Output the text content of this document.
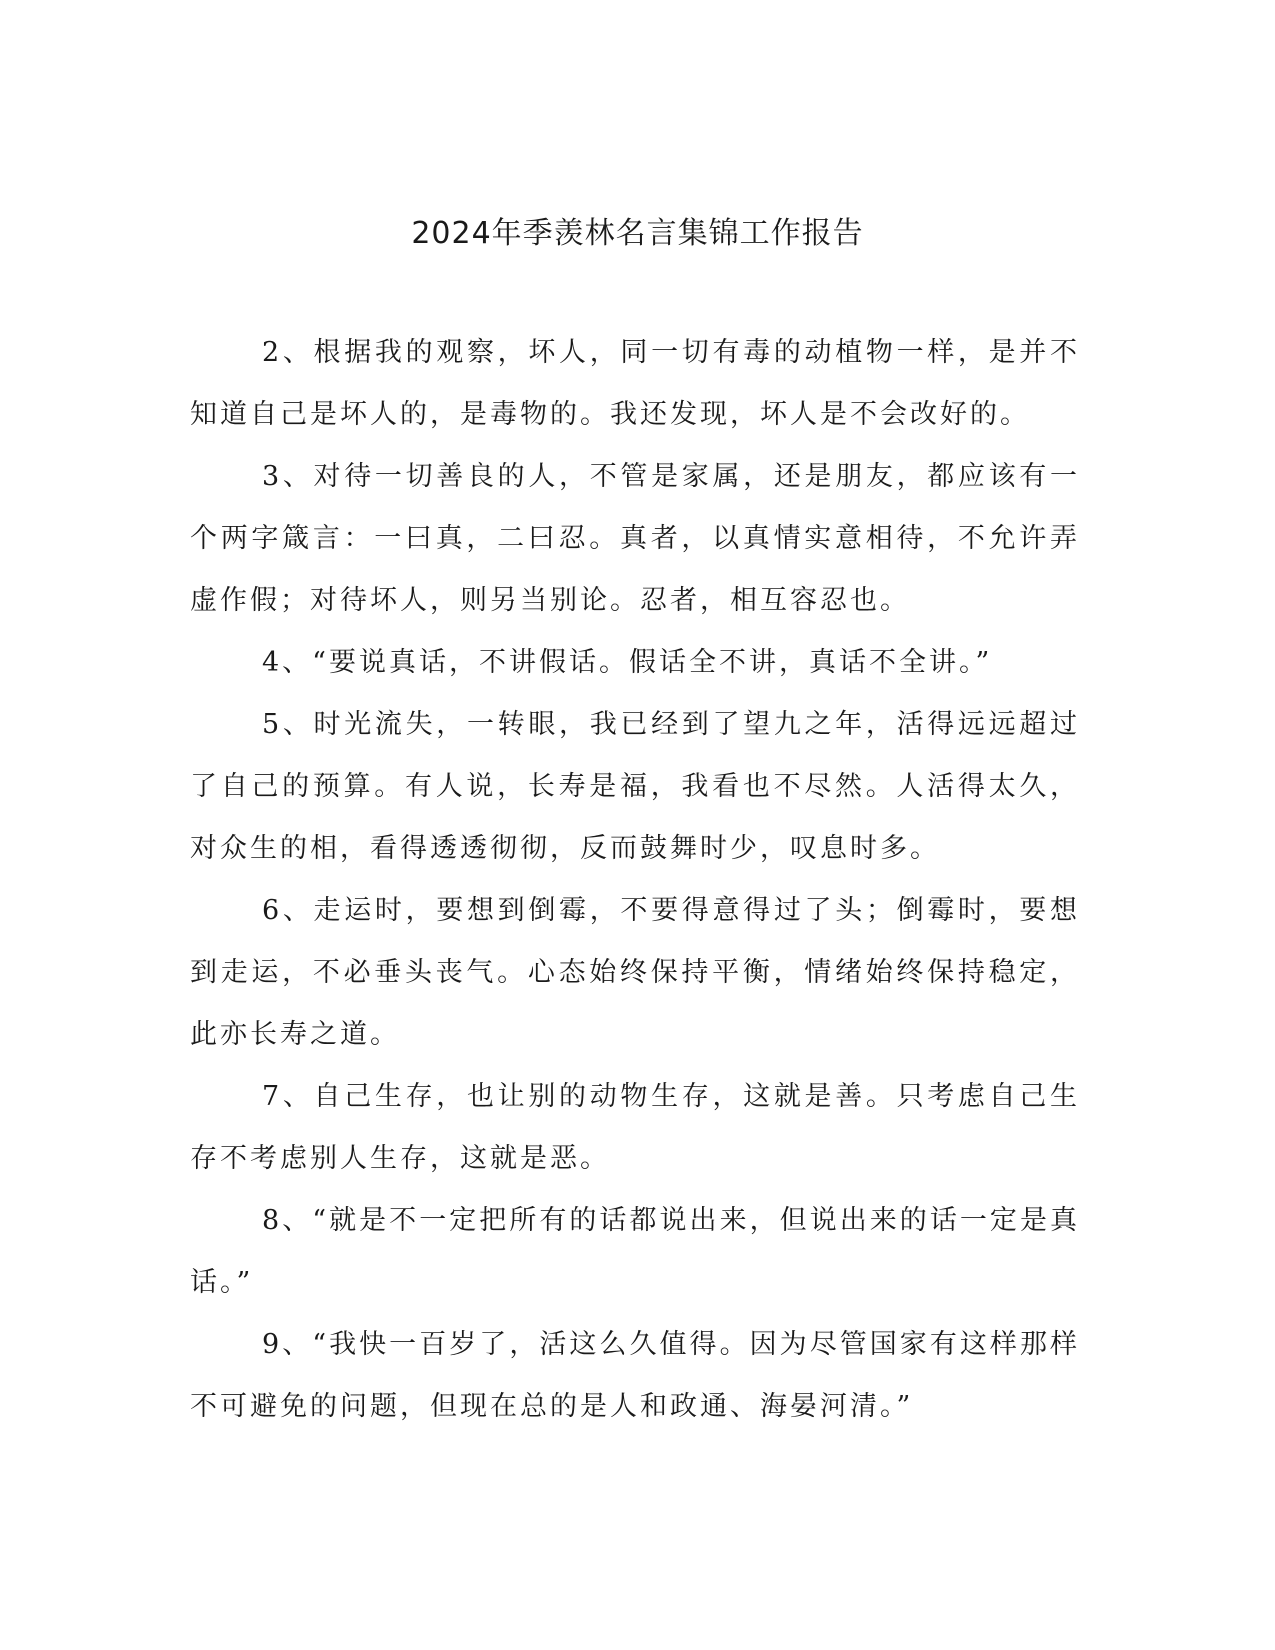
2024年季羡林名言集锦工作报告

2、根据我的观察，坏人，同一切有毒的动植物一样，是并不知道自己是坏人的，是毒物的。我还发现，坏人是不会改好的。

3、对待一切善良的人，不管是家属，还是朋友，都应该有一个两字箴言：一曰真，二曰忍。真者，以真情实意相待，不允许弄虚作假；对待坏人，则另当别论。忍者，相互容忍也。

4、“要说真话，不讲假话。假话全不讲，真话不全讲。”

5、时光流失，一转眼，我已经到了望九之年，活得远远超过了自己的预算。有人说，长寿是福，我看也不尽然。人活得太久，对众生的相，看得透透彻彻，反而鼓舞时少，叹息时多。

6、走运时，要想到倒霉，不要得意得过了头；倒霉时，要想到走运，不必垂头丧气。心态始终保持平衡，情绪始终保持稳定，此亦长寿之道。

7、自己生存，也让别的动物生存，这就是善。只考虑自己生存不考虑别人生存，这就是恶。

8、“就是不一定把所有的话都说出来，但说出来的话一定是真话。”

9、“我快一百岁了，活这么久值得。因为尽管国家有这样那样不可避免的问题，但现在总的是人和政通、海晏河清。”
